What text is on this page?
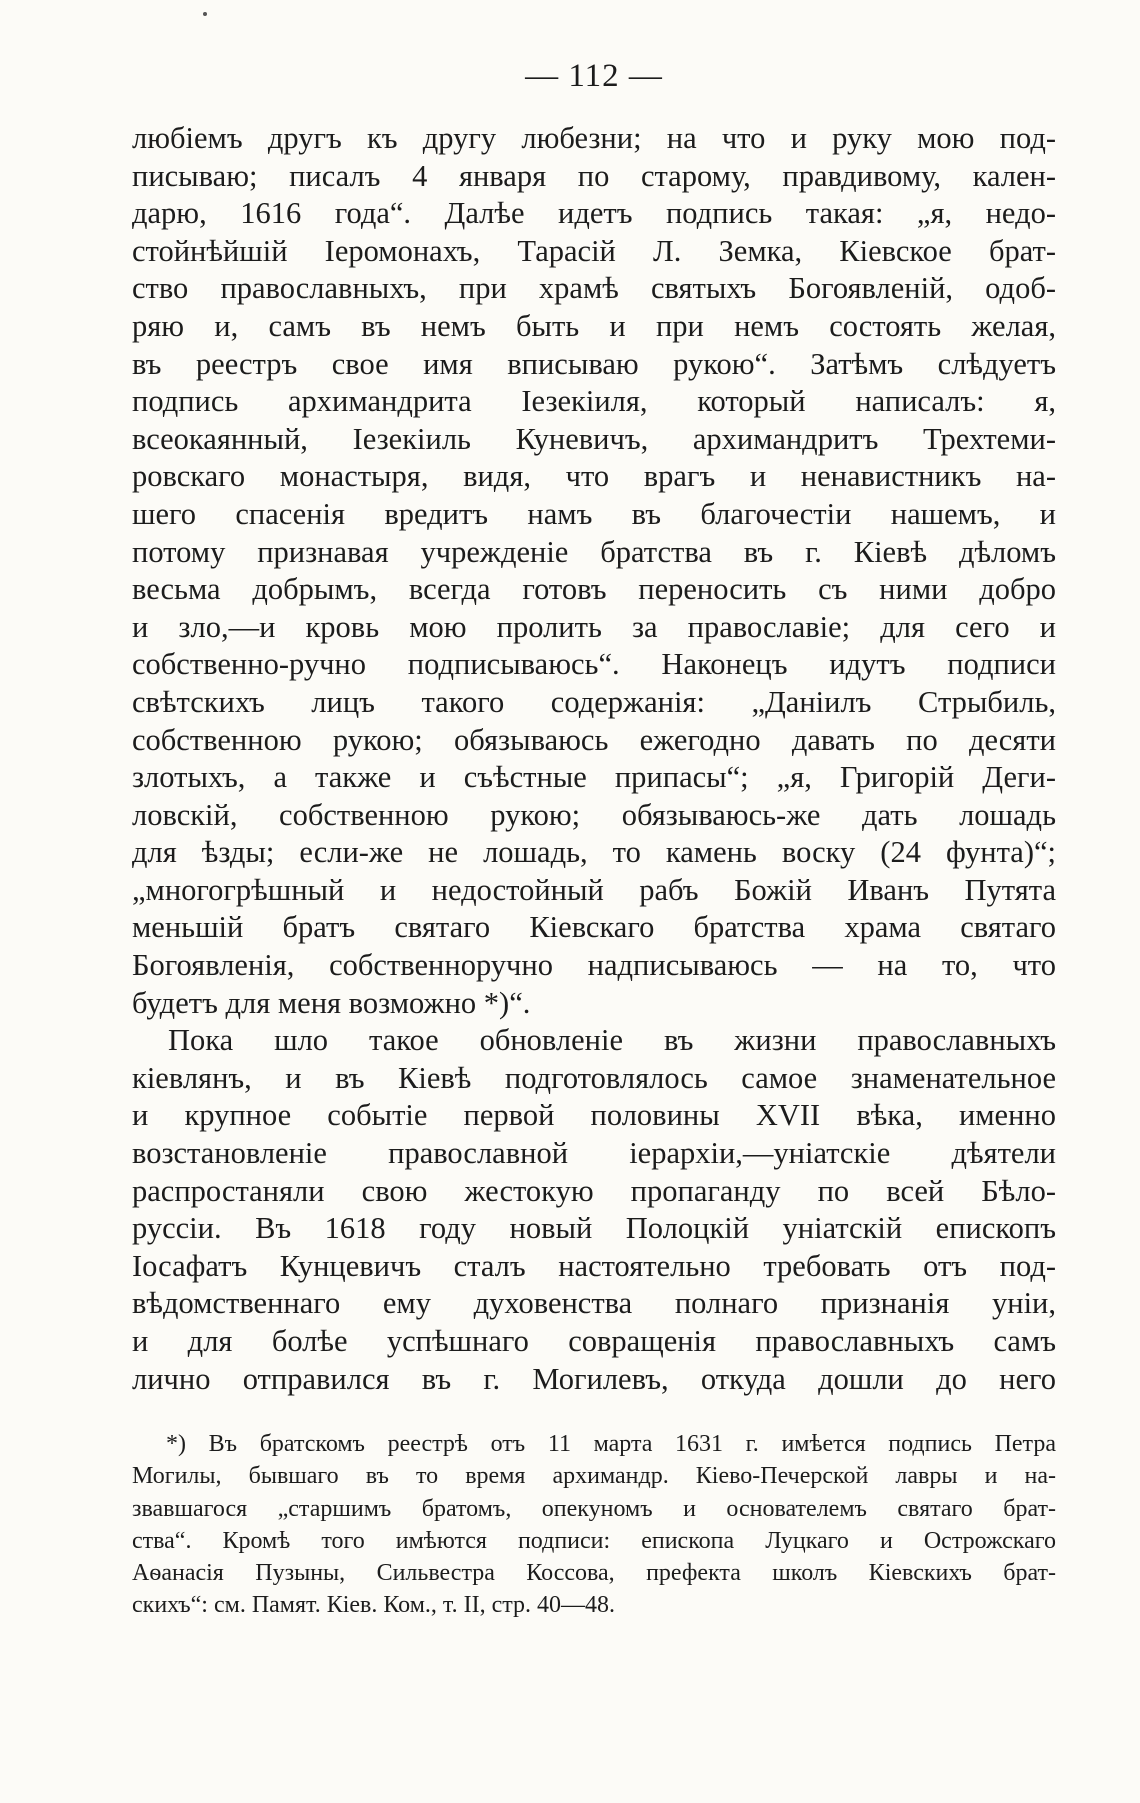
— 112 —
любіемъ другъ къ другу любезни; на что и руку мою под-
писываю; писалъ 4 января по старому, правдивому, кален-
дарю, 1616 года“. Далѣе идетъ подпись такая: „я, недо-
стойнѣйшій Іеромонахъ, Тарасій Л. Земка, Кіевское брат-
ство православныхъ, при храмѣ святыхъ Богоявленій, одоб-
ряю и, самъ въ немъ быть и при немъ состоять желая,
въ реестръ свое имя вписываю рукою“. Затѣмъ слѣдуетъ
подпись архимандрита Іезекіиля, который написалъ: я,
всеокаянный, Іезекіиль Куневичъ, архимандритъ Трехтеми-
ровскаго монастыря, видя, что врагъ и ненавистникъ на-
шего спасенія вредитъ намъ въ благочестіи нашемъ, и
потому признавая учрежденіе братства въ г. Кіевѣ дѣломъ
весьма добрымъ, всегда готовъ переносить съ ними добро
и зло,—и кровь мою пролить за православіе; для сего и
собственно-ручно подписываюсь“. Наконецъ идутъ подписи
свѣтскихъ лицъ такого содержанія: „Даніилъ Стрыбиль,
собственною рукою; обязываюсь ежегодно давать по десяти
злотыхъ, а также и съѣстные припасы“; „я, Григорій Деги-
ловскій, собственною рукою; обязываюсь-же дать лошадь
для ѣзды; если-же не лошадь, то камень воску (24 фунта)“;
„многогрѣшный и недостойный рабъ Божій Иванъ Путята
меньшій братъ святаго Кіевскаго братства храма святаго
Богоявленія, собственноручно надписываюсь — на то, что
будетъ для меня возможно *)“.
Пока шло такое обновленіе въ жизни православныхъ
кіевлянъ, и въ Кіевѣ подготовлялось самое знаменательное
и крупное событіе первой половины XVII вѣка, именно
возстановленіе православной іерархіи,—уніатскіе дѣятели
распростаняли свою жестокую пропаганду по всей Бѣло-
руссіи. Въ 1618 году новый Полоцкій уніатскій епископъ
Іосафатъ Кунцевичъ сталъ настоятельно требовать отъ под-
вѣдомственнаго ему духовенства полнаго признанія уніи,
и для болѣе успѣшнаго совращенія православныхъ самъ
лично отправился въ г. Могилевъ, откуда дошли до него
*) Въ братскомъ реестрѣ отъ 11 марта 1631 г. имѣется подпись Петра
Могилы, бывшаго въ то время архимандр. Кіево-Печерской лавры и на-
звавшагося „старшимъ братомъ, опекуномъ и основателемъ святаго брат-
ства“. Кромѣ того имѣются подписи: епископа Луцкаго и Острожскаго
Аѳанасія Пузыны, Сильвестра Коссова, префекта школъ Кіевскихъ брат-
скихъ“: см. Памят. Кіев. Ком., т. II, стр. 40—48.
